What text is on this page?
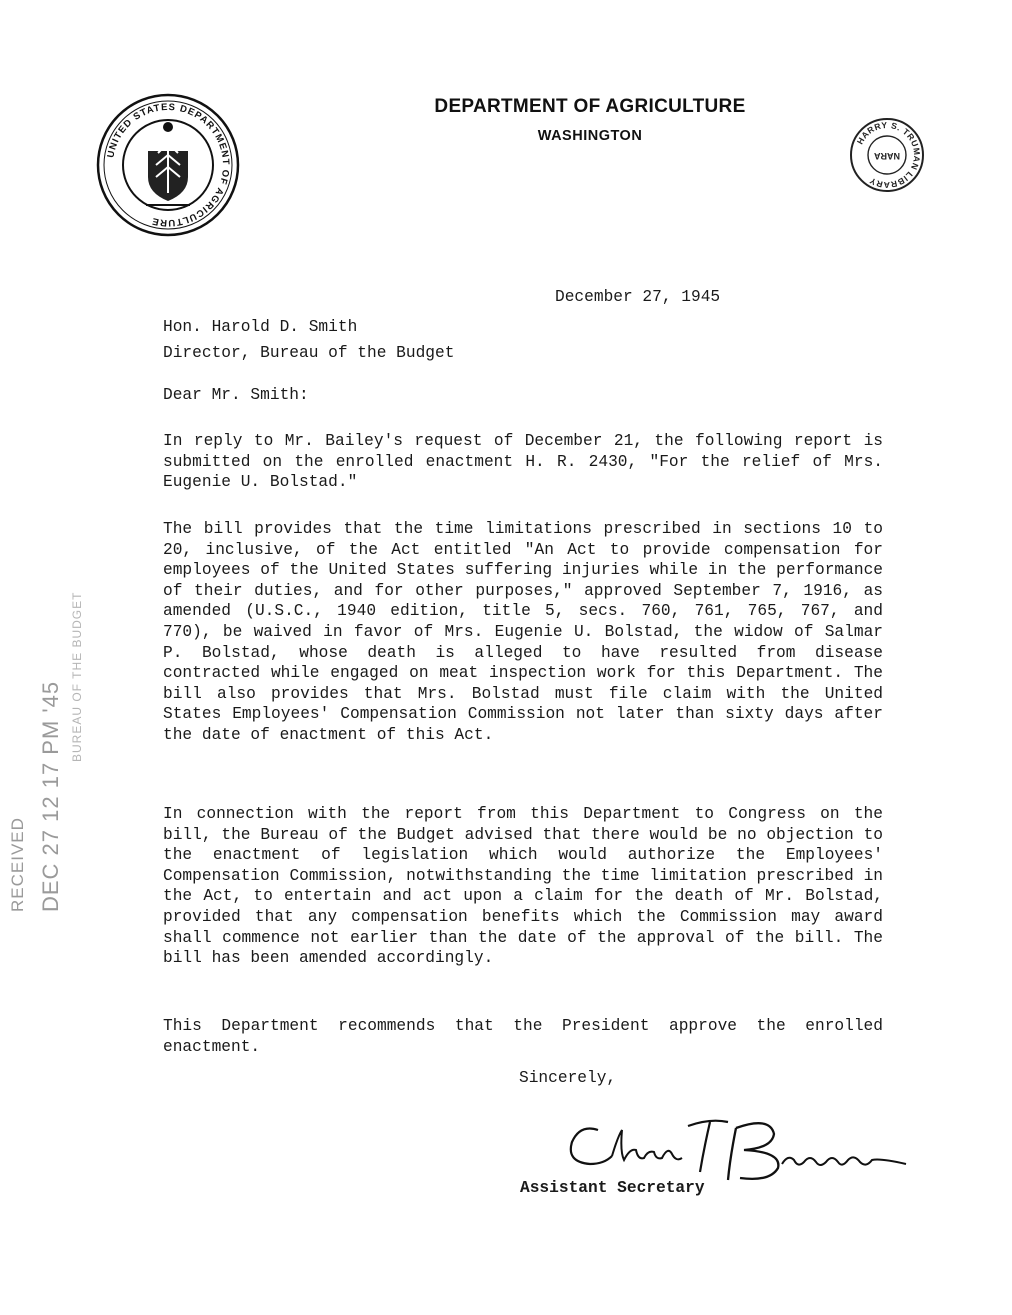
UNITED STATES DEPARTMENT OF AGRICULTURE
DEPARTMENT OF AGRICULTURE
WASHINGTON	HARRY S. TRUMAN LIBRARY
NARA
RECEIVED DEC 27 12 17 PM '45
BUREAU OF THE BUDGET
December 27, 1945
Hon. Harold D. Smith
Director, Bureau of the Budget
Dear Mr. Smith:
In reply to Mr. Bailey's request of December 21, the following report is submitted on the enrolled enactment H. R. 2430, "For the relief of Mrs. Eugenie U. Bolstad."
The bill provides that the time limitations prescribed in sections 10 to 20, inclusive, of the Act entitled "An Act to provide compensation for employees of the United States suffering injuries while in the performance of their duties, and for other purposes," approved September 7, 1916, as amended (U.S.C., 1940 edition, title 5, secs. 760, 761, 765, 767, and 770), be waived in favor of Mrs. Eugenie U. Bolstad, the widow of Salmar P. Bolstad, whose death is alleged to have resulted from disease contracted while engaged on meat inspection work for this Department. The bill also provides that Mrs. Bolstad must file claim with the United States Employees' Compensation Commission not later than sixty days after the date of enactment of this Act.
In connection with the report from this Department to Congress on the bill, the Bureau of the Budget advised that there would be no objection to the enactment of legislation which would authorize the Employees' Compensation Commission, notwithstanding the time limitation prescribed in the Act, to entertain and act upon a claim for the death of Mr. Bolstad, provided that any compensation benefits which the Commission may award shall commence not earlier than the date of the approval of the bill. The bill has been amended accordingly.
This Department recommends that the President approve the enrolled enactment.
Sincerely,
Assistant Secretary
